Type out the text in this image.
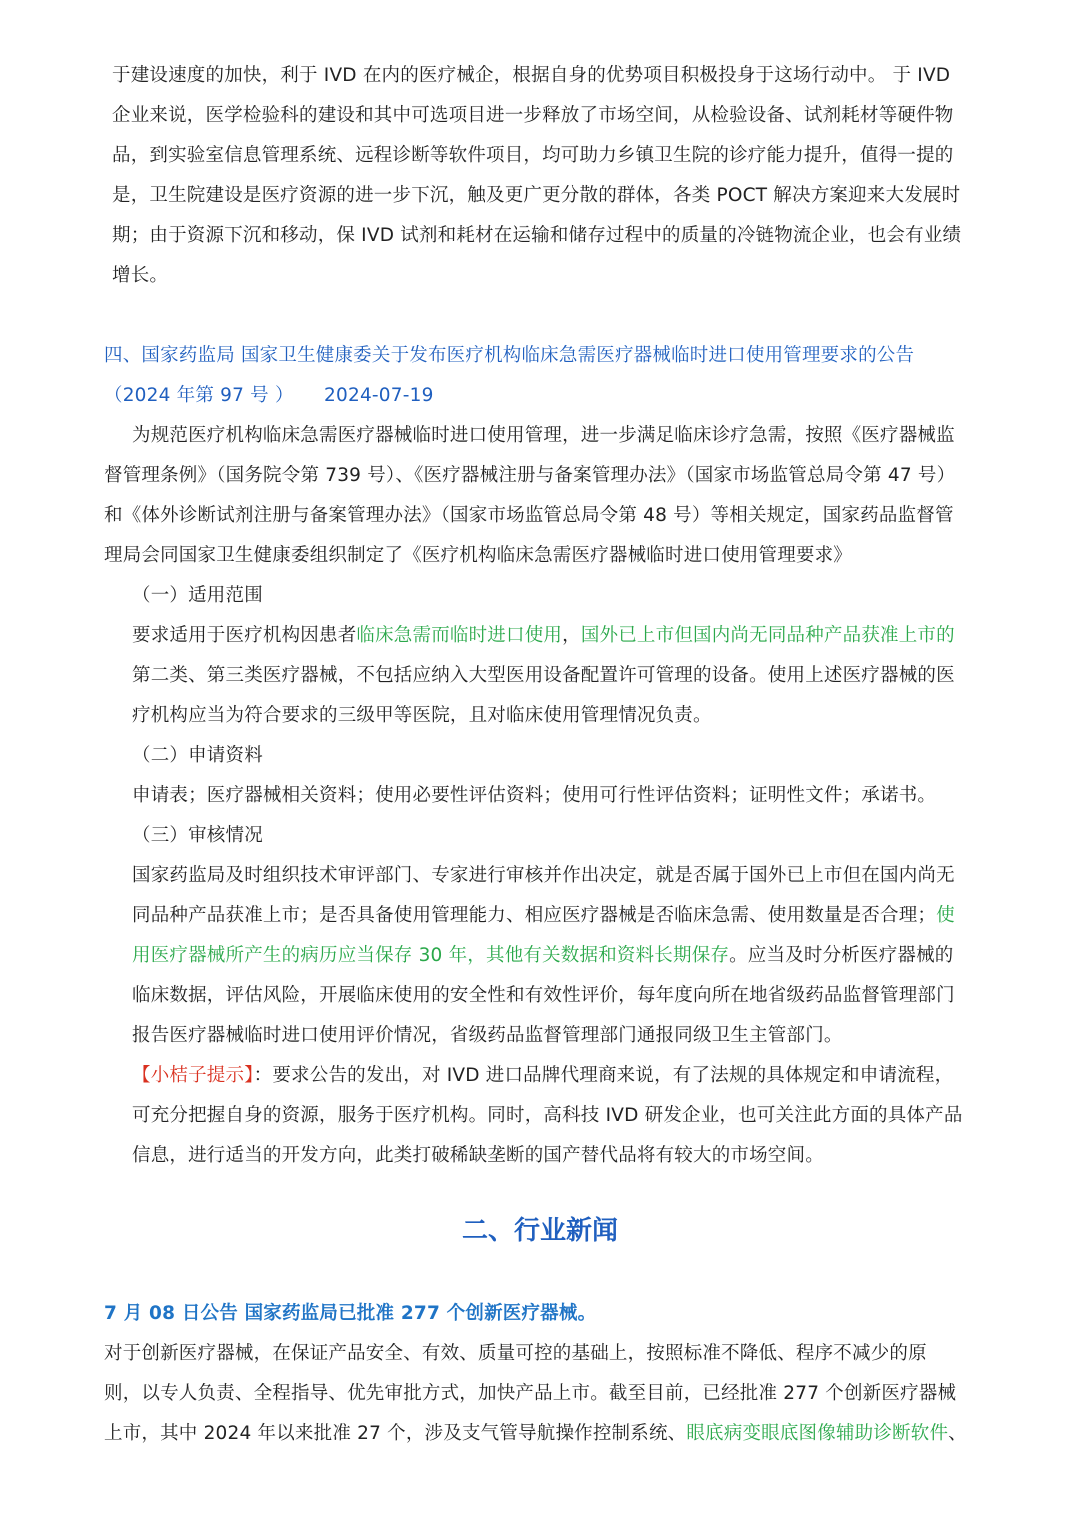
于建设速度的加快，利于 IVD 在内的医疗械企，根据自身的优势项目积极投身于这场行动中。 于 IVD
企业来说，医学检验科的建设和其中可选项目进一步释放了市场空间，从检验设备、试剂耗材等硬件物
品，到实验室信息管理系统、远程诊断等软件项目，均可助力乡镇卫生院的诊疗能力提升，值得一提的
是，卫生院建设是医疗资源的进一步下沉，触及更广更分散的群体，各类 POCT 解决方案迎来大发展时
期；由于资源下沉和移动，保 IVD 试剂和耗材在运输和储存过程中的质量的冷链物流企业，也会有业绩
增长。
四、国家药监局 国家卫生健康委关于发布医疗机构临床急需医疗器械临时进口使用管理要求的公告
（2024 年第 97 号 ）     2024-07-19
为规范医疗机构临床急需医疗器械临时进口使用管理，进一步满足临床诊疗急需，按照《医疗器械监
督管理条例》（国务院令第 739 号）、《医疗器械注册与备案管理办法》（国家市场监管总局令第 47 号）
和《体外诊断试剂注册与备案管理办法》（国家市场监管总局令第 48 号）等相关规定，国家药品监督管
理局会同国家卫生健康委组织制定了《医疗机构临床急需医疗器械临时进口使用管理要求》
（一）适用范围
要求适用于医疗机构因患者临床急需而临时进口使用，国外已上市但国内尚无同品种产品获准上市的
第二类、第三类医疗器械，不包括应纳入大型医用设备配置许可管理的设备。使用上述医疗器械的医
疗机构应当为符合要求的三级甲等医院，且对临床使用管理情况负责。
（二）申请资料
申请表；医疗器械相关资料；使用必要性评估资料；使用可行性评估资料；证明性文件；承诺书。
（三）审核情况
国家药监局及时组织技术审评部门、专家进行审核并作出决定，就是否属于国外已上市但在国内尚无
同品种产品获准上市；是否具备使用管理能力、相应医疗器械是否临床急需、使用数量是否合理；使
用医疗器械所产生的病历应当保存 30 年，其他有关数据和资料长期保存。应当及时分析医疗器械的
临床数据，评估风险，开展临床使用的安全性和有效性评价，每年度向所在地省级药品监督管理部门
报告医疗器械临时进口使用评价情况，省级药品监督管理部门通报同级卫生主管部门。
【小桔子提示】：要求公告的发出，对 IVD 进口品牌代理商来说，有了法规的具体规定和申请流程，
可充分把握自身的资源，服务于医疗机构。同时，高科技 IVD 研发企业，也可关注此方面的具体产品
信息，进行适当的开发方向，此类打破稀缺垄断的国产替代品将有较大的市场空间。
二、行业新闻
7 月 08 日公告 国家药监局已批准 277 个创新医疗器械。
对于创新医疗器械，在保证产品安全、有效、质量可控的基础上，按照标准不降低、程序不减少的原
则，以专人负责、全程指导、优先审批方式，加快产品上市。截至目前，已经批准 277 个创新医疗器械
上市，其中 2024 年以来批准 27 个，涉及支气管导航操作控制系统、眼底病变眼底图像辅助诊断软件、
